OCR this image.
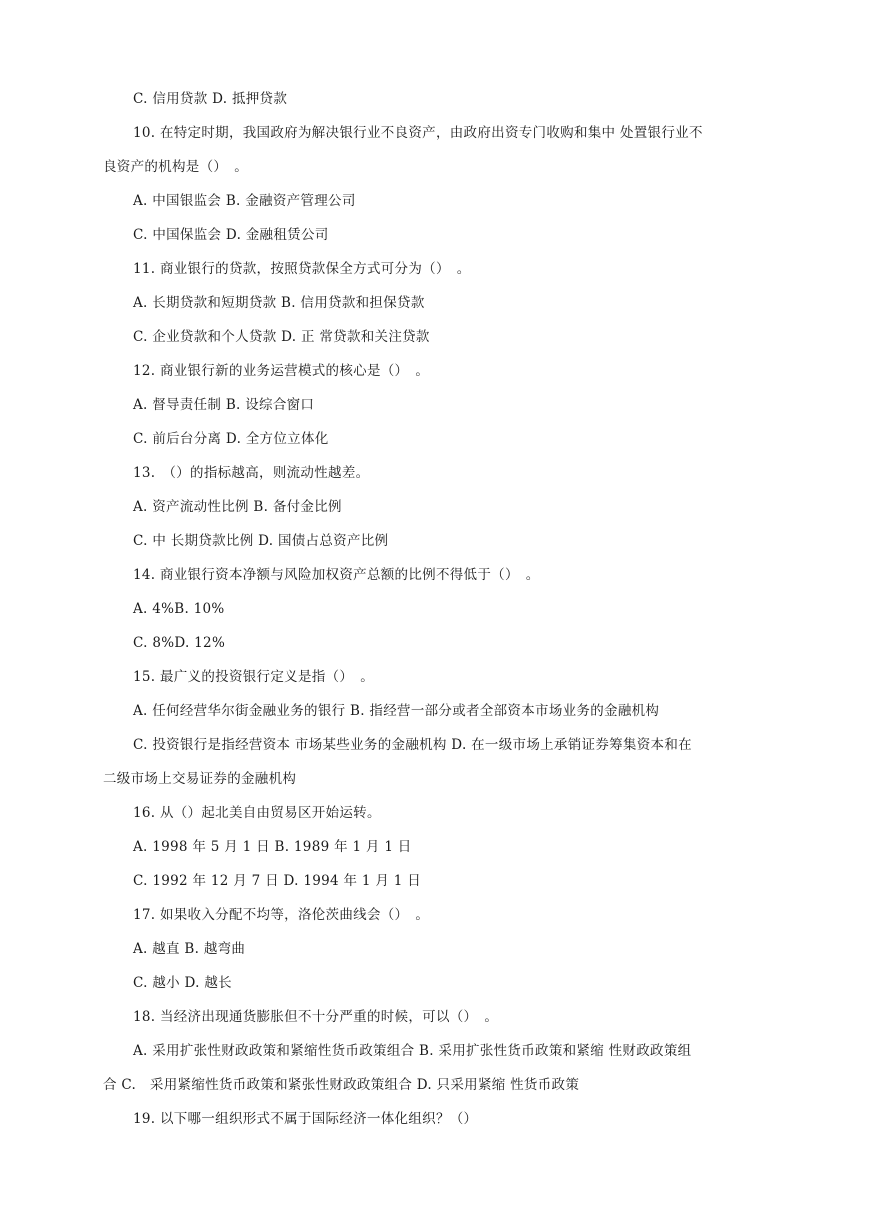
C. 信用贷款 D. 抵押贷款
10. 在特定时期，我国政府为解决银行业不良资产，由政府出资专门收购和集中 处置银行业不
良资产的机构是（）　。
A. 中国银监会 B. 金融资产管理公司
C. 中国保监会 D. 金融租赁公司
11. 商业银行的贷款，按照贷款保全方式可分为（）　。
A. 长期贷款和短期贷款 B. 信用贷款和担保贷款
C. 企业贷款和个人贷款 D. 正 常贷款和关注贷款
12. 商业银行新的业务运营模式的核心是（）　。
A. 督导责任制 B. 设综合窗口
C. 前后台分离 D. 全方位立体化
13.　（）的指标越高，则流动性越差。
A. 资产流动性比例 B. 备付金比例
C. 中 长期贷款比例 D. 国债占总资产比例
14. 商业银行资本净额与风险加权资产总额的比例不得低于（）　。
A. 4%B. 10%
C. 8%D. 12%
15. 最广义的投资银行定义是指（）　。
A. 任何经营华尔街金融业务的银行 B. 指经营一部分或者全部资本市场业务的金融机构
C. 投资银行是指经营资本 市场某些业务的金融机构 D. 在一级市场上承销证券筹集资本和在
二级市场上交易证券的金融机构
16. 从（）起北美自由贸易区开始运转。
A. 1998 年 5 月 1 日 B. 1989 年 1 月 1 日
C. 1992 年 12 月 7 日 D. 1994 年 1 月 1 日
17. 如果收入分配不均等，洛伦茨曲线会（）　。
A. 越直 B. 越弯曲
C. 越小 D. 越长
18. 当经济出现通货膨胀但不十分严重的时候，可以（）　。
A. 采用扩张性财政政策和紧缩性货币政策组合 B. 采用扩张性货币政策和紧缩 性财政政策组
合 C.　采用紧缩性货币政策和紧张性财政政策组合 D. 只采用紧缩 性货币政策
19. 以下哪一组织形式不属于国际经济一体化组织？（）
